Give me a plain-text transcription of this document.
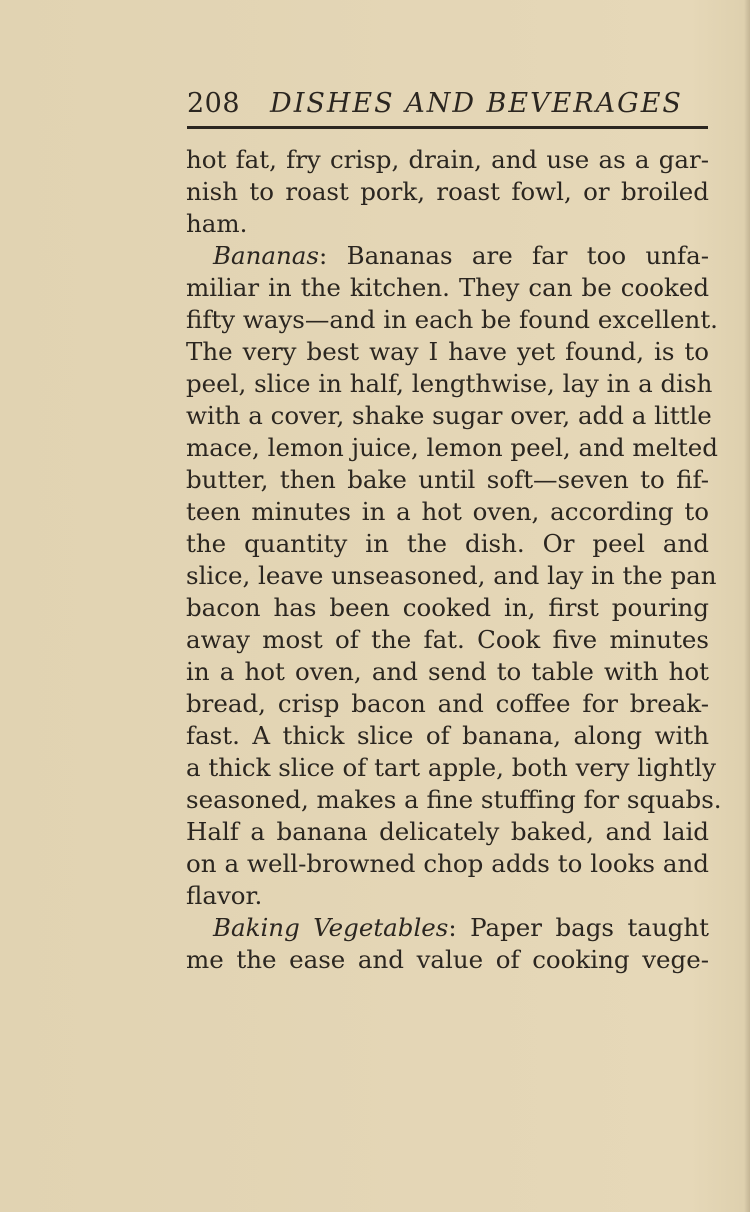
208 DISHES AND BEVERAGES
hot fat, fry crisp, drain, and use as a gar-
nish to roast pork, roast fowl, or broiled
ham.
Bananas: Bananas are far too unfa-
miliar in the kitchen. They can be cooked
fifty ways—and in each be found excellent.
The very best way I have yet found, is to
peel, slice in half, lengthwise, lay in a dish
with a cover, shake sugar over, add a little
mace, lemon juice, lemon peel, and melted
butter, then bake until soft—seven to fif-
teen minutes in a hot oven, according to
the quantity in the dish. Or peel and
slice, leave unseasoned, and lay in the pan
bacon has been cooked in, first pouring
away most of the fat. Cook five minutes
in a hot oven, and send to table with hot
bread, crisp bacon and coffee for break-
fast. A thick slice of banana, along with
a thick slice of tart apple, both very lightly
seasoned, makes a fine stuffing for squabs.
Half a banana delicately baked, and laid
on a well-browned chop adds to looks and
flavor.
Baking Vegetables: Paper bags taught
me the ease and value of cooking vege-
